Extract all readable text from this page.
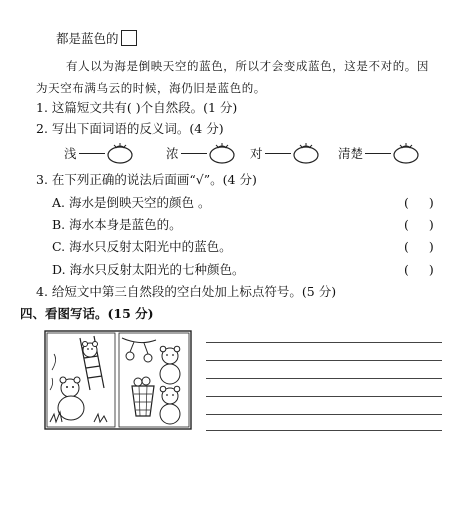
都是蓝色的
有人以为海是倒映天空的蓝色，所以才会变成蓝色，这是不对的。因
为天空布满乌云的时候，海仍旧是蓝色的。
1. 这篇短文共有( )个自然段。(1 分)
2. 写出下面词语的反义词。(4 分)
浅	浓	对	清楚
3. 在下列正确的说法后面画“√”。(4 分)
A. 海水是倒映天空的颜色 。	()
B. 海水本身是蓝色的。	()
C. 海水只反射太阳光中的蓝色。	()
D. 海水只反射太阳光的七种颜色。	()
4. 给短文中第三自然段的空白处加上标点符号。(5 分)
四、看图写话。(15 分)
